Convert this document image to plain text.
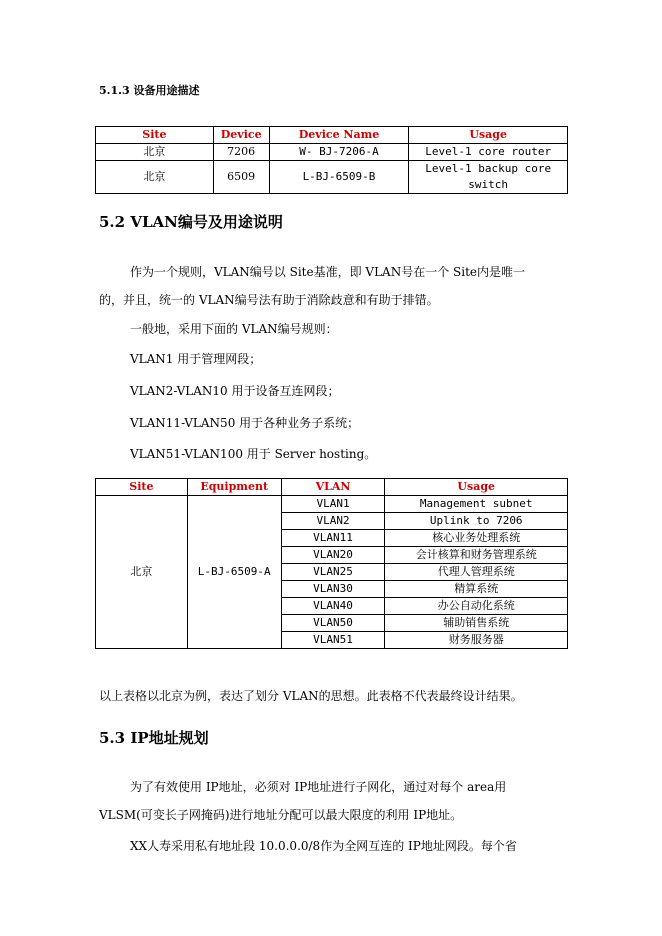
5.1.3 设备用途描述
Site	Device	Device Name	Usage
北京	7206	W- BJ-7206-A	Level-1 core router
北京	6509	L-BJ-6509-B	Level-1 backup core switch
5.2 VLAN编号及用途说明
作为一个规则，VLAN编号以 Site基准，即 VLAN号在一个 Site内是唯一
的，并且，统一的 VLAN编号法有助于消除歧意和有助于排错。
一般地，采用下面的 VLAN编号规则：
VLAN1 用于管理网段；
VLAN2-VLAN10 用于设备互连网段；
VLAN11-VLAN50 用于各种业务子系统；
VLAN51-VLAN100 用于 Server hosting。
Site	Equipment	VLAN	Usage
北京	L-BJ-6509-A	VLAN1	Management subnet
		VLAN2	Uplink to 7206
		VLAN11	核心业务处理系统
		VLAN20	会计核算和财务管理系统
		VLAN25	代理人管理系统
		VLAN30	精算系统
		VLAN40	办公自动化系统
		VLAN50	辅助销售系统
		VLAN51	财务服务器
以上表格以北京为例，表达了划分 VLAN的思想。此表格不代表最终设计结果。
5.3 IP地址规划
为了有效使用 IP地址，必须对 IP地址进行子网化，通过对每个 area用
VLSM(可变长子网掩码)进行地址分配可以最大限度的利用 IP地址。
XX人寿采用私有地址段 10.0.0.0/8作为全网互连的 IP地址网段。每个省
